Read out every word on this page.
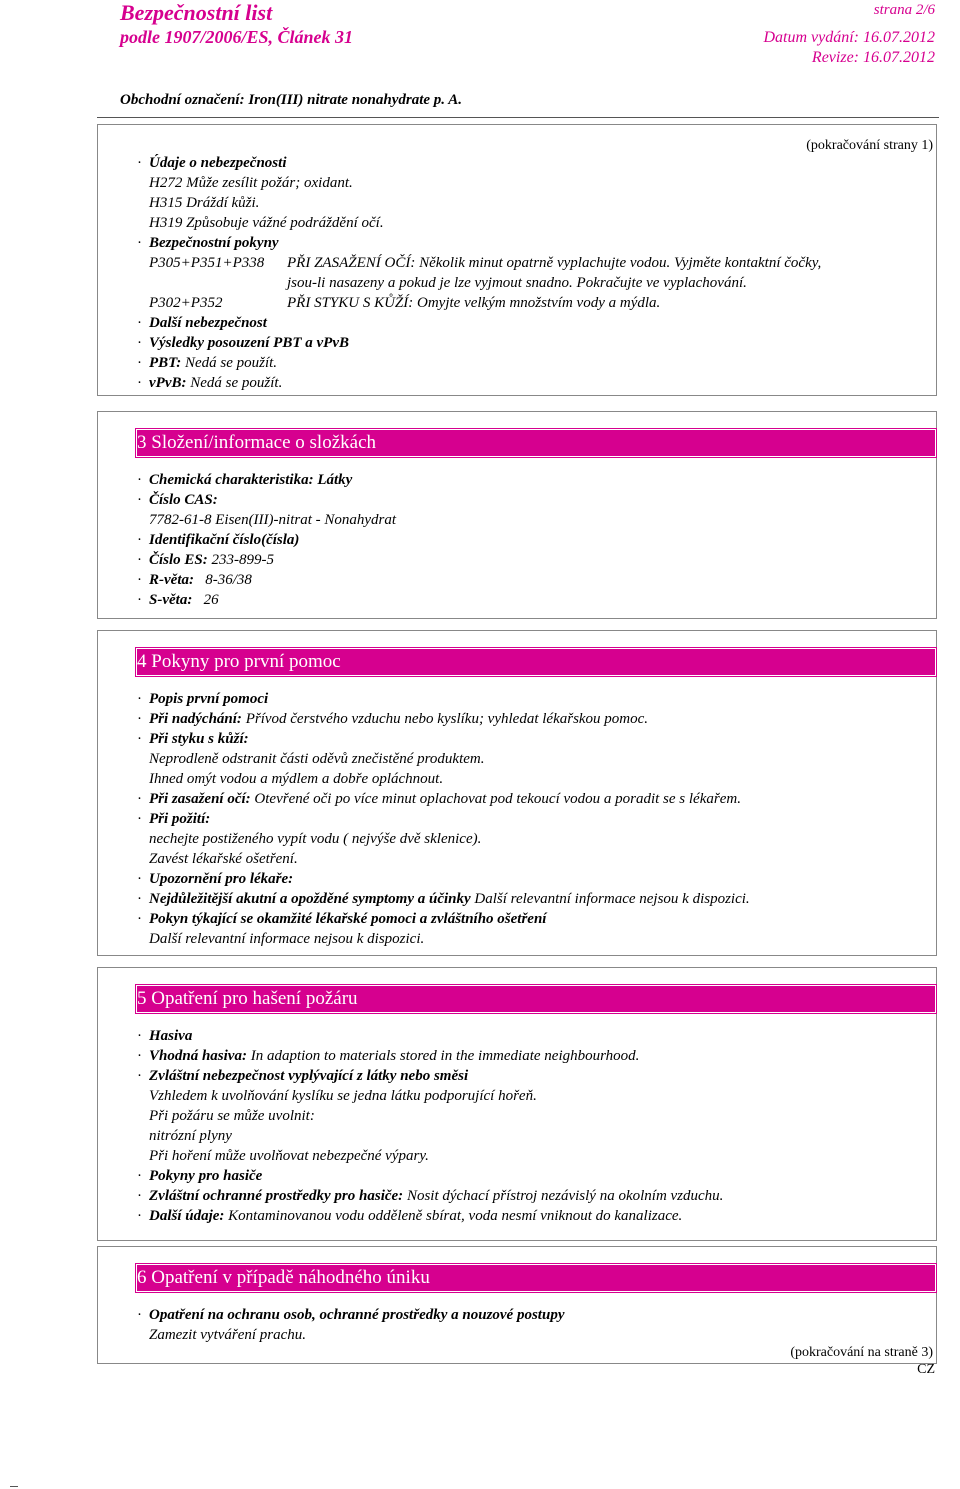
Bezpečnostní list
podle 1907/2006/ES, Článek 31
strana 2/6
Datum vydání: 16.07.2012
Revize: 16.07.2012
Obchodní označení: Iron(III) nitrate nonahydrate p. A.
(pokračování strany 1)
· Údaje o nebezpečnosti
H272 Může zesílit požár; oxidant.
H315 Dráždí kůži.
H319 Způsobuje vážné podráždění očí.
· Bezpečnostní pokyny
P305+P351+P338 PŘI ZASAŽENÍ OČÍ: Několik minut opatrně vyplachujte vodou. Vyjměte kontaktní čočky,
jsou-li nasazeny a pokud je lze vyjmout snadno. Pokračujte ve vyplachování.
P302+P352	PŘI STYKU S KŮŽÍ: Omyjte velkým množstvím vody a mýdla.
· Další nebezpečnost
· Výsledky posouzení PBT a vPvB
· PBT: Nedá se použít.
· vPvB: Nedá se použít.
3 Složení/informace o složkách
· Chemická charakteristika: Látky
· Číslo CAS:
7782-61-8 Eisen(III)-nitrat - Nonahydrat
· Identifikační číslo(čísla)
· Číslo ES: 233-899-5
· R-věta: 8-36/38
· S-věta: 26
4 Pokyny pro první pomoc
· Popis první pomoci
· Při nadýchání: Přívod čerstvého vzduchu nebo kyslíku; vyhledat lékařskou pomoc.
· Při styku s kůží:
Neprodleně odstranit části oděvů znečistěné produktem.
Ihned omýt vodou a mýdlem a dobře opláchnout.
· Při zasažení očí: Otevřené oči po více minut oplachovat pod tekoucí vodou a poradit se s lékařem.
· Při požití:
nechejte postiženého vypít vodu ( nejvýše dvě sklenice).
Zavést lékařské ošetření.
· Upozornění pro lékaře:
· Nejdůležitější akutní a opožděné symptomy a účinky Další relevantní informace nejsou k dispozici.
· Pokyn týkající se okamžité lékařské pomoci a zvláštního ošetření
Další relevantní informace nejsou k dispozici.
5 Opatření pro hašení požáru
· Hasiva
· Vhodná hasiva: In adaption to materials stored in the immediate neighbourhood.
· Zvláštní nebezpečnost vyplývající z látky nebo směsi
Vzhledem k uvolňování kyslíku se jedna látku podporující hořeň.
Při požáru se může uvolnit:
nitrózní plyny
Při hoření může uvolňovat nebezpečné výpary.
· Pokyny pro hasiče
· Zvláštní ochranné prostředky pro hasiče: Nosit dýchací přístroj nezávislý na okolním vzduchu.
· Další údaje: Kontaminovanou vodu odděleně sbírat, voda nesmí vniknout do kanalizace.
6 Opatření v případě náhodného úniku
· Opatření na ochranu osob, ochranné prostředky a nouzové postupy
Zamezit vytváření prachu.
(pokračování na straně 3)
CZ
